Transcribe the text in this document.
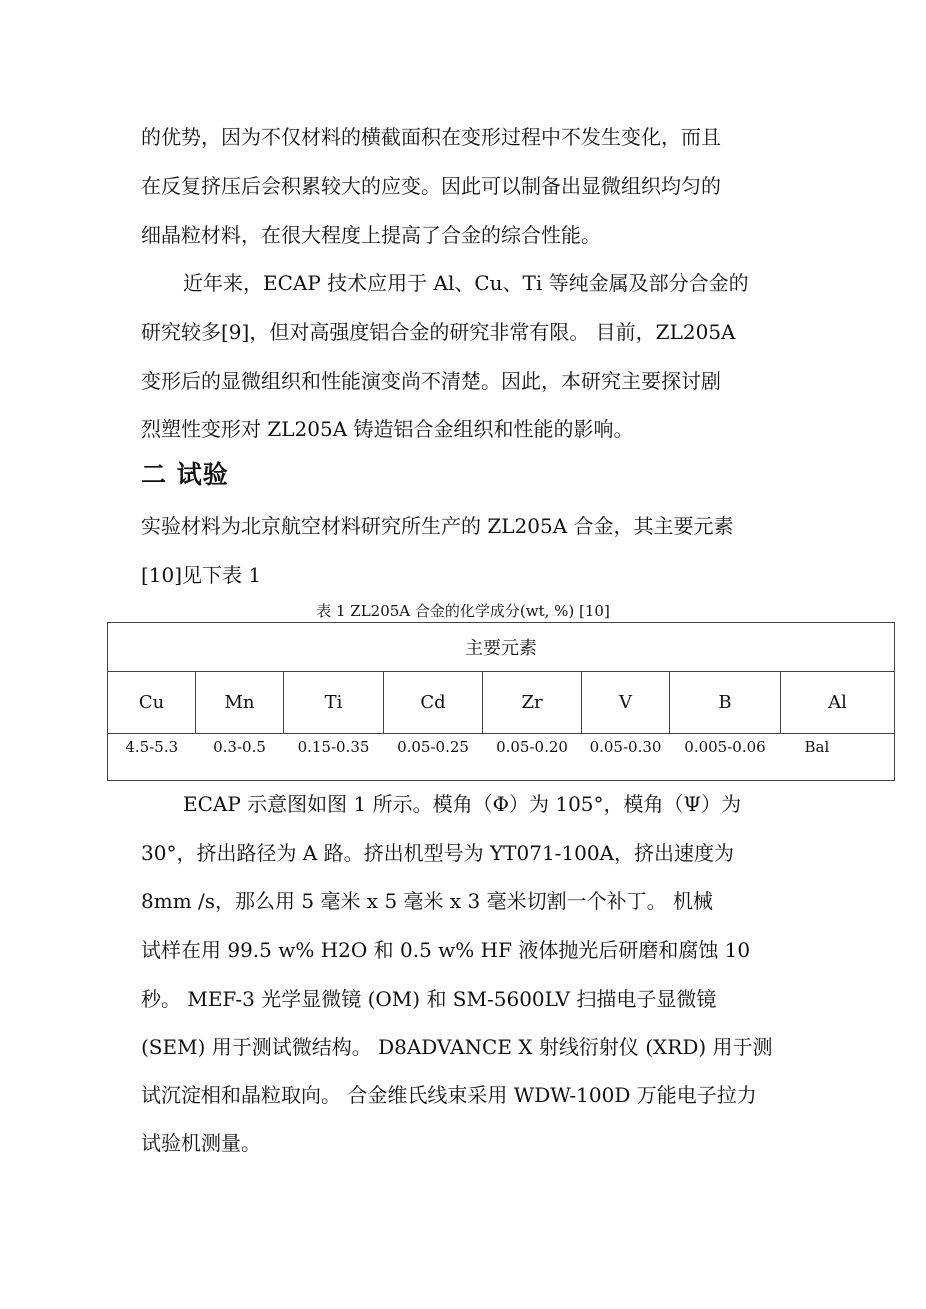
的优势，因为不仅材料的横截面积在变形过程中不发生变化，而且
在反复挤压后会积累较大的应变。因此可以制备出显微组织均匀的
细晶粒材料，在很大程度上提高了合金的综合性能。
近年来，ECAP 技术应用于 Al、Cu、Ti 等纯金属及部分合金的
研究较多[9]，但对高强度铝合金的研究非常有限。 目前，ZL205A
变形后的显微组织和性能演变尚不清楚。因此，本研究主要探讨剧
烈塑性变形对 ZL205A 铸造铝合金组织和性能的影响。
二 试验
实验材料为北京航空材料研究所生产的 ZL205A 合金，其主要元素
[10]见下表 1
表 1 ZL205A 合金的化学成分(wt, %) [10]
主要元素							
Cu	Mn	Ti	Cd	Zr	V	B	Al
4.5-5.3	0.3-0.5	0.15-0.35	0.05-0.25	0.05-0.20	0.05-0.30	0.005-0.06	Bal
ECAP 示意图如图 1 所示。模角（Φ）为 105°，模角（Ψ）为
30°，挤出路径为 A 路。挤出机型号为 YT071-100A，挤出速度为
8mm /s，那么用 5 毫米 x 5 毫米 x 3 毫米切割一个补丁。 机械
试样在用 99.5 w% H2O 和 0.5 w% HF 液体抛光后研磨和腐蚀 10
秒。 MEF-3 光学显微镜 (OM) 和 SM-5600LV 扫描电子显微镜
(SEM) 用于测试微结构。 D8ADVANCE X 射线衍射仪 (XRD) 用于测
试沉淀相和晶粒取向。 合金维氏线束采用 WDW-100D 万能电子拉力
试验机测量。
